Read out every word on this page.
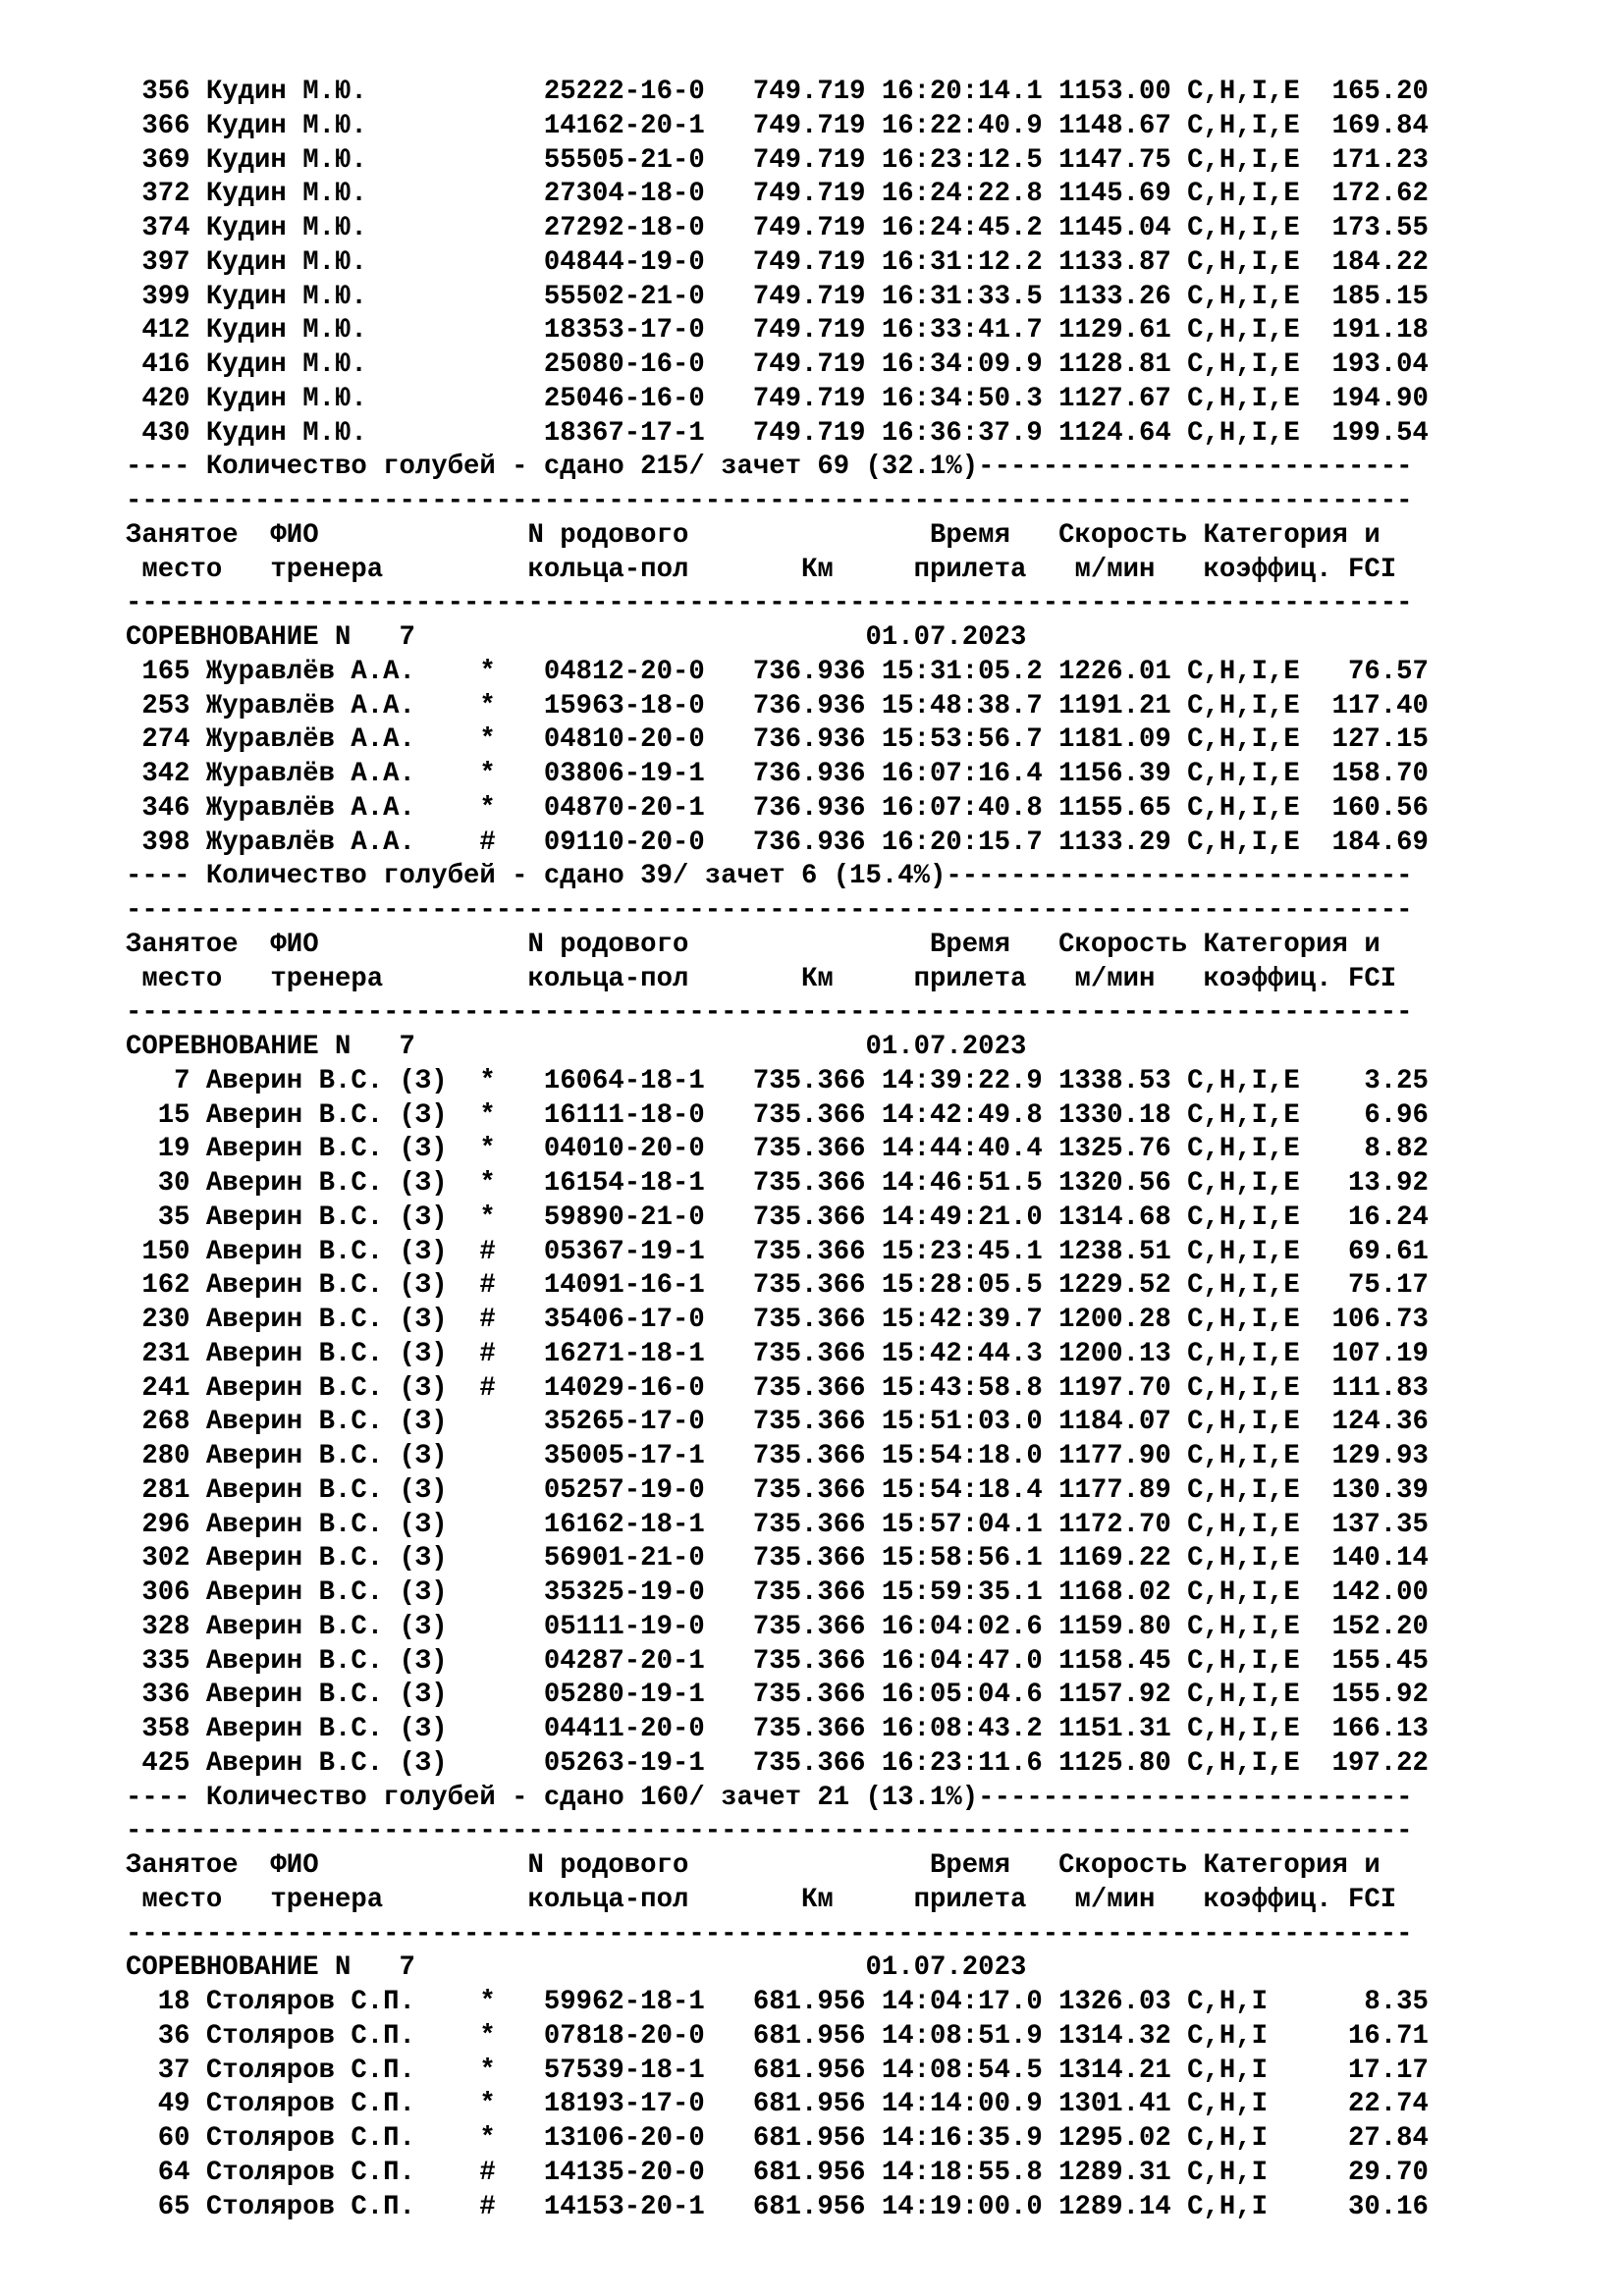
356 Кудин М.Ю.           25222-16-0   749.719 16:20:14.1 1153.00 C,H,I,E  165.20
366 Кудин М.Ю.           14162-20-1   749.719 16:22:40.9 1148.67 C,H,I,E  169.84
369 Кудин М.Ю.           55505-21-0   749.719 16:23:12.5 1147.75 C,H,I,E  171.23
372 Кудин М.Ю.           27304-18-0   749.719 16:24:22.8 1145.69 C,H,I,E  172.62
374 Кудин М.Ю.           27292-18-0   749.719 16:24:45.2 1145.04 C,H,I,E  173.55
397 Кудин М.Ю.           04844-19-0   749.719 16:31:12.2 1133.87 C,H,I,E  184.22
399 Кудин М.Ю.           55502-21-0   749.719 16:31:33.5 1133.26 C,H,I,E  185.15
412 Кудин М.Ю.           18353-17-0   749.719 16:33:41.7 1129.61 C,H,I,E  191.18
416 Кудин М.Ю.           25080-16-0   749.719 16:34:09.9 1128.81 C,H,I,E  193.04
420 Кудин М.Ю.           25046-16-0   749.719 16:34:50.3 1127.67 C,H,I,E  194.90
430 Кудин М.Ю.           18367-17-1   749.719 16:36:37.9 1124.64 C,H,I,E  199.54
---- Количество голубей - сдано 215/ зачет 69 (32.1%)---------------------------
--------------------------------------------------------------------------------
Занятое  ФИО             N родового               Время   Скорость Категория и
место   тренера         кольца-пол       Км     прилета   м/мин   коэффиц. FCI
--------------------------------------------------------------------------------
СОРЕВНОВАНИЕ N   7                            01.07.2023
165 Журавлёв А.А.    *   04812-20-0   736.936 15:31:05.2 1226.01 C,H,I,E   76.57
253 Журавлёв А.А.    *   15963-18-0   736.936 15:48:38.7 1191.21 C,H,I,E  117.40
274 Журавлёв А.А.    *   04810-20-0   736.936 15:53:56.7 1181.09 C,H,I,E  127.15
342 Журавлёв А.А.    *   03806-19-1   736.936 16:07:16.4 1156.39 C,H,I,E  158.70
346 Журавлёв А.А.    *   04870-20-1   736.936 16:07:40.8 1155.65 C,H,I,E  160.56
398 Журавлёв А.А.    #   09110-20-0   736.936 16:20:15.7 1133.29 C,H,I,E  184.69
---- Количество голубей - сдано 39/ зачет 6 (15.4%)-----------------------------
--------------------------------------------------------------------------------
Занятое  ФИО             N родового               Время   Скорость Категория и
место   тренера         кольца-пол       Км     прилета   м/мин   коэффиц. FCI
--------------------------------------------------------------------------------
СОРЕВНОВАНИЕ N   7                            01.07.2023
7 Аверин В.С. (З)  *   16064-18-1   735.366 14:39:22.9 1338.53 C,H,I,E    3.25
15 Аверин В.С. (З)  *   16111-18-0   735.366 14:42:49.8 1330.18 C,H,I,E    6.96
19 Аверин В.С. (З)  *   04010-20-0   735.366 14:44:40.4 1325.76 C,H,I,E    8.82
30 Аверин В.С. (З)  *   16154-18-1   735.366 14:46:51.5 1320.56 C,H,I,E   13.92
35 Аверин В.С. (З)  *   59890-21-0   735.366 14:49:21.0 1314.68 C,H,I,E   16.24
150 Аверин В.С. (З)  #   05367-19-1   735.366 15:23:45.1 1238.51 C,H,I,E   69.61
162 Аверин В.С. (З)  #   14091-16-1   735.366 15:28:05.5 1229.52 C,H,I,E   75.17
230 Аверин В.С. (З)  #   35406-17-0   735.366 15:42:39.7 1200.28 C,H,I,E  106.73
231 Аверин В.С. (З)  #   16271-18-1   735.366 15:42:44.3 1200.13 C,H,I,E  107.19
241 Аверин В.С. (З)  #   14029-16-0   735.366 15:43:58.8 1197.70 C,H,I,E  111.83
268 Аверин В.С. (З)      35265-17-0   735.366 15:51:03.0 1184.07 C,H,I,E  124.36
280 Аверин В.С. (З)      35005-17-1   735.366 15:54:18.0 1177.90 C,H,I,E  129.93
281 Аверин В.С. (З)      05257-19-0   735.366 15:54:18.4 1177.89 C,H,I,E  130.39
296 Аверин В.С. (З)      16162-18-1   735.366 15:57:04.1 1172.70 C,H,I,E  137.35
302 Аверин В.С. (З)      56901-21-0   735.366 15:58:56.1 1169.22 C,H,I,E  140.14
306 Аверин В.С. (З)      35325-19-0   735.366 15:59:35.1 1168.02 C,H,I,E  142.00
328 Аверин В.С. (З)      05111-19-0   735.366 16:04:02.6 1159.80 C,H,I,E  152.20
335 Аверин В.С. (З)      04287-20-1   735.366 16:04:47.0 1158.45 C,H,I,E  155.45
336 Аверин В.С. (З)      05280-19-1   735.366 16:05:04.6 1157.92 C,H,I,E  155.92
358 Аверин В.С. (З)      04411-20-0   735.366 16:08:43.2 1151.31 C,H,I,E  166.13
425 Аверин В.С. (З)      05263-19-1   735.366 16:23:11.6 1125.80 C,H,I,E  197.22
---- Количество голубей - сдано 160/ зачет 21 (13.1%)---------------------------
--------------------------------------------------------------------------------
Занятое  ФИО             N родового               Время   Скорость Категория и
место   тренера         кольца-пол       Км     прилета   м/мин   коэффиц. FCI
--------------------------------------------------------------------------------
СОРЕВНОВАНИЕ N   7                            01.07.2023
18 Столяров С.П.    *   59962-18-1   681.956 14:04:17.0 1326.03 C,H,I      8.35
36 Столяров С.П.    *   07818-20-0   681.956 14:08:51.9 1314.32 C,H,I     16.71
37 Столяров С.П.    *   57539-18-1   681.956 14:08:54.5 1314.21 C,H,I     17.17
49 Столяров С.П.    *   18193-17-0   681.956 14:14:00.9 1301.41 C,H,I     22.74
60 Столяров С.П.    *   13106-20-0   681.956 14:16:35.9 1295.02 C,H,I     27.84
64 Столяров С.П.    #   14135-20-0   681.956 14:18:55.8 1289.31 C,H,I     29.70
65 Столяров С.П.    #   14153-20-1   681.956 14:19:00.0 1289.14 C,H,I     30.16
